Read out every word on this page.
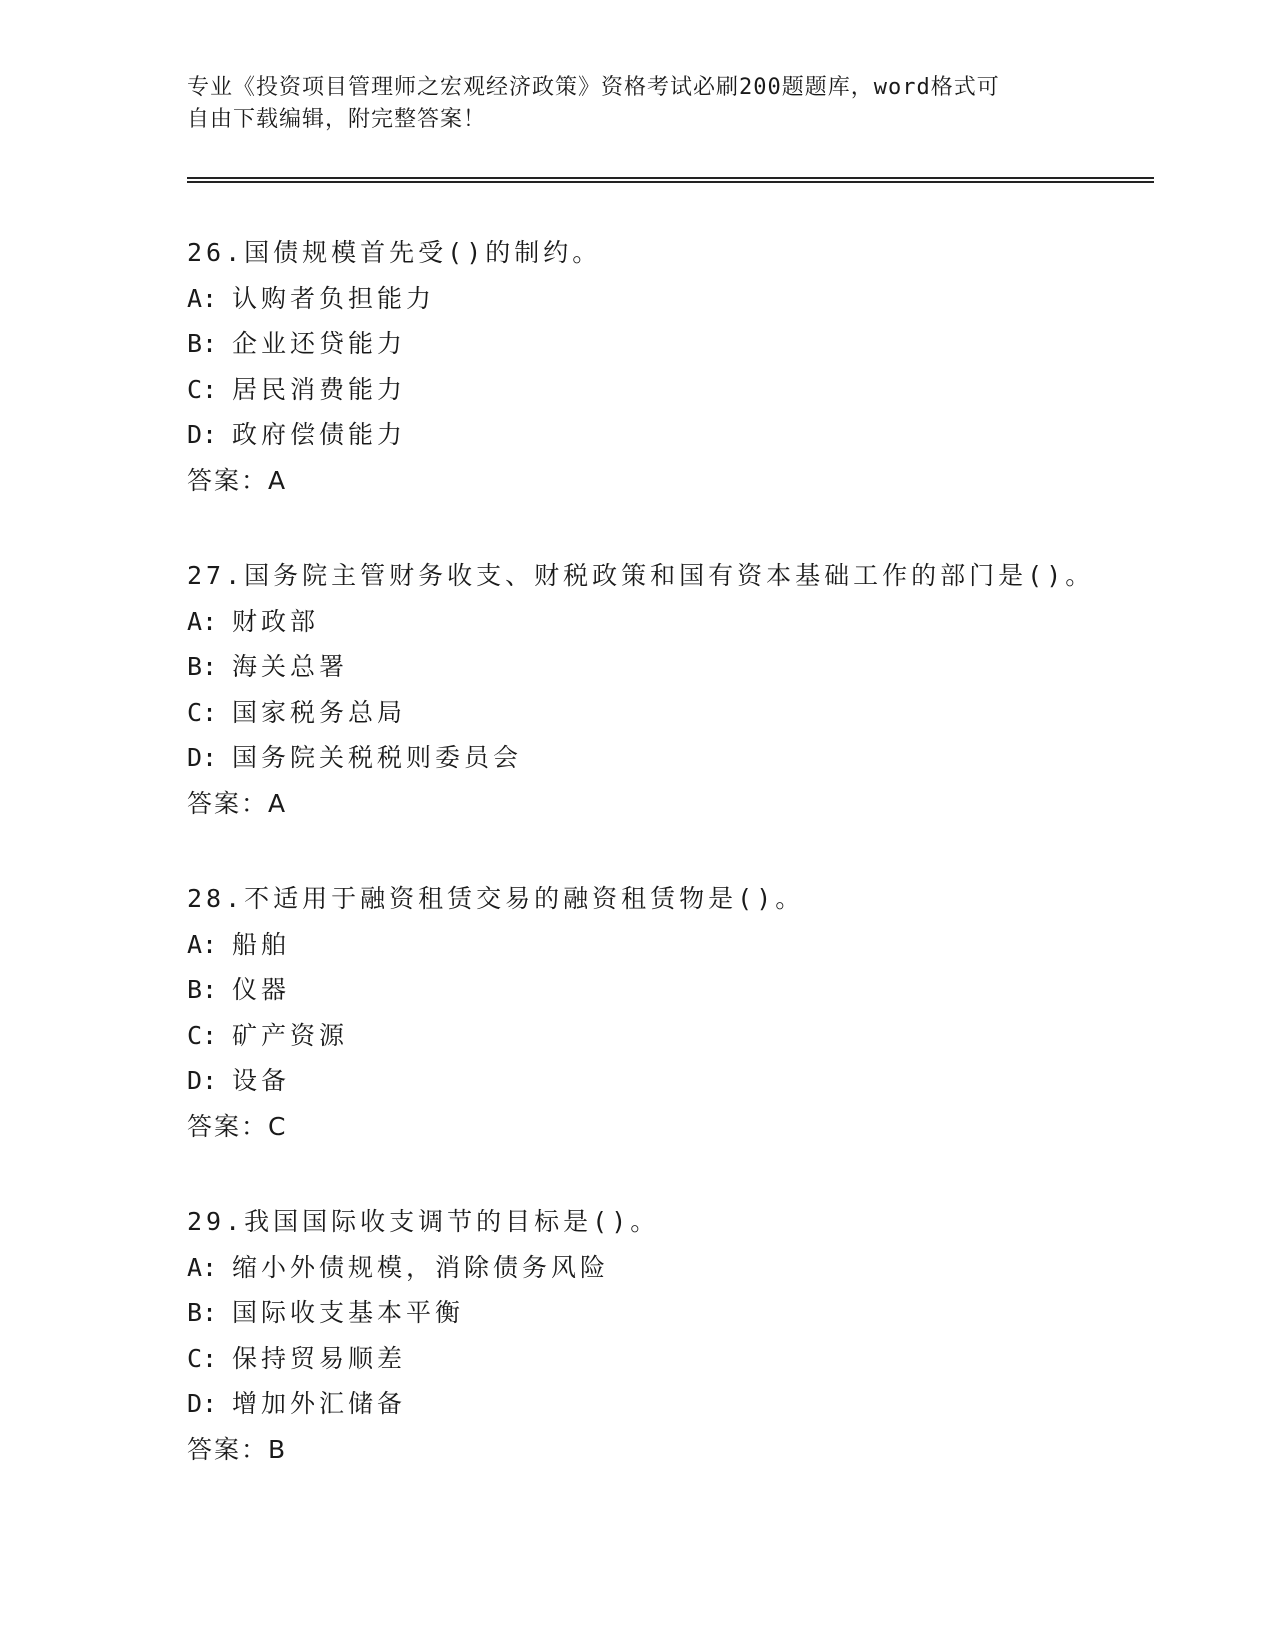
专业《投资项目管理师之宏观经济政策》资格考试必刷200题题库，word格式可
自由下载编辑，附完整答案！
26.国债规模首先受()的制约。
A: 认购者负担能力
B: 企业还贷能力
C: 居民消费能力
D: 政府偿债能力
答案：A
27.国务院主管财务收支、财税政策和国有资本基础工作的部门是()。
A: 财政部
B: 海关总署
C: 国家税务总局
D: 国务院关税税则委员会
答案：A
28.不适用于融资租赁交易的融资租赁物是()。
A: 船舶
B: 仪器
C: 矿产资源
D: 设备
答案：C
29.我国国际收支调节的目标是()。
A: 缩小外债规模，消除债务风险
B: 国际收支基本平衡
C: 保持贸易顺差
D: 增加外汇储备
答案：B
